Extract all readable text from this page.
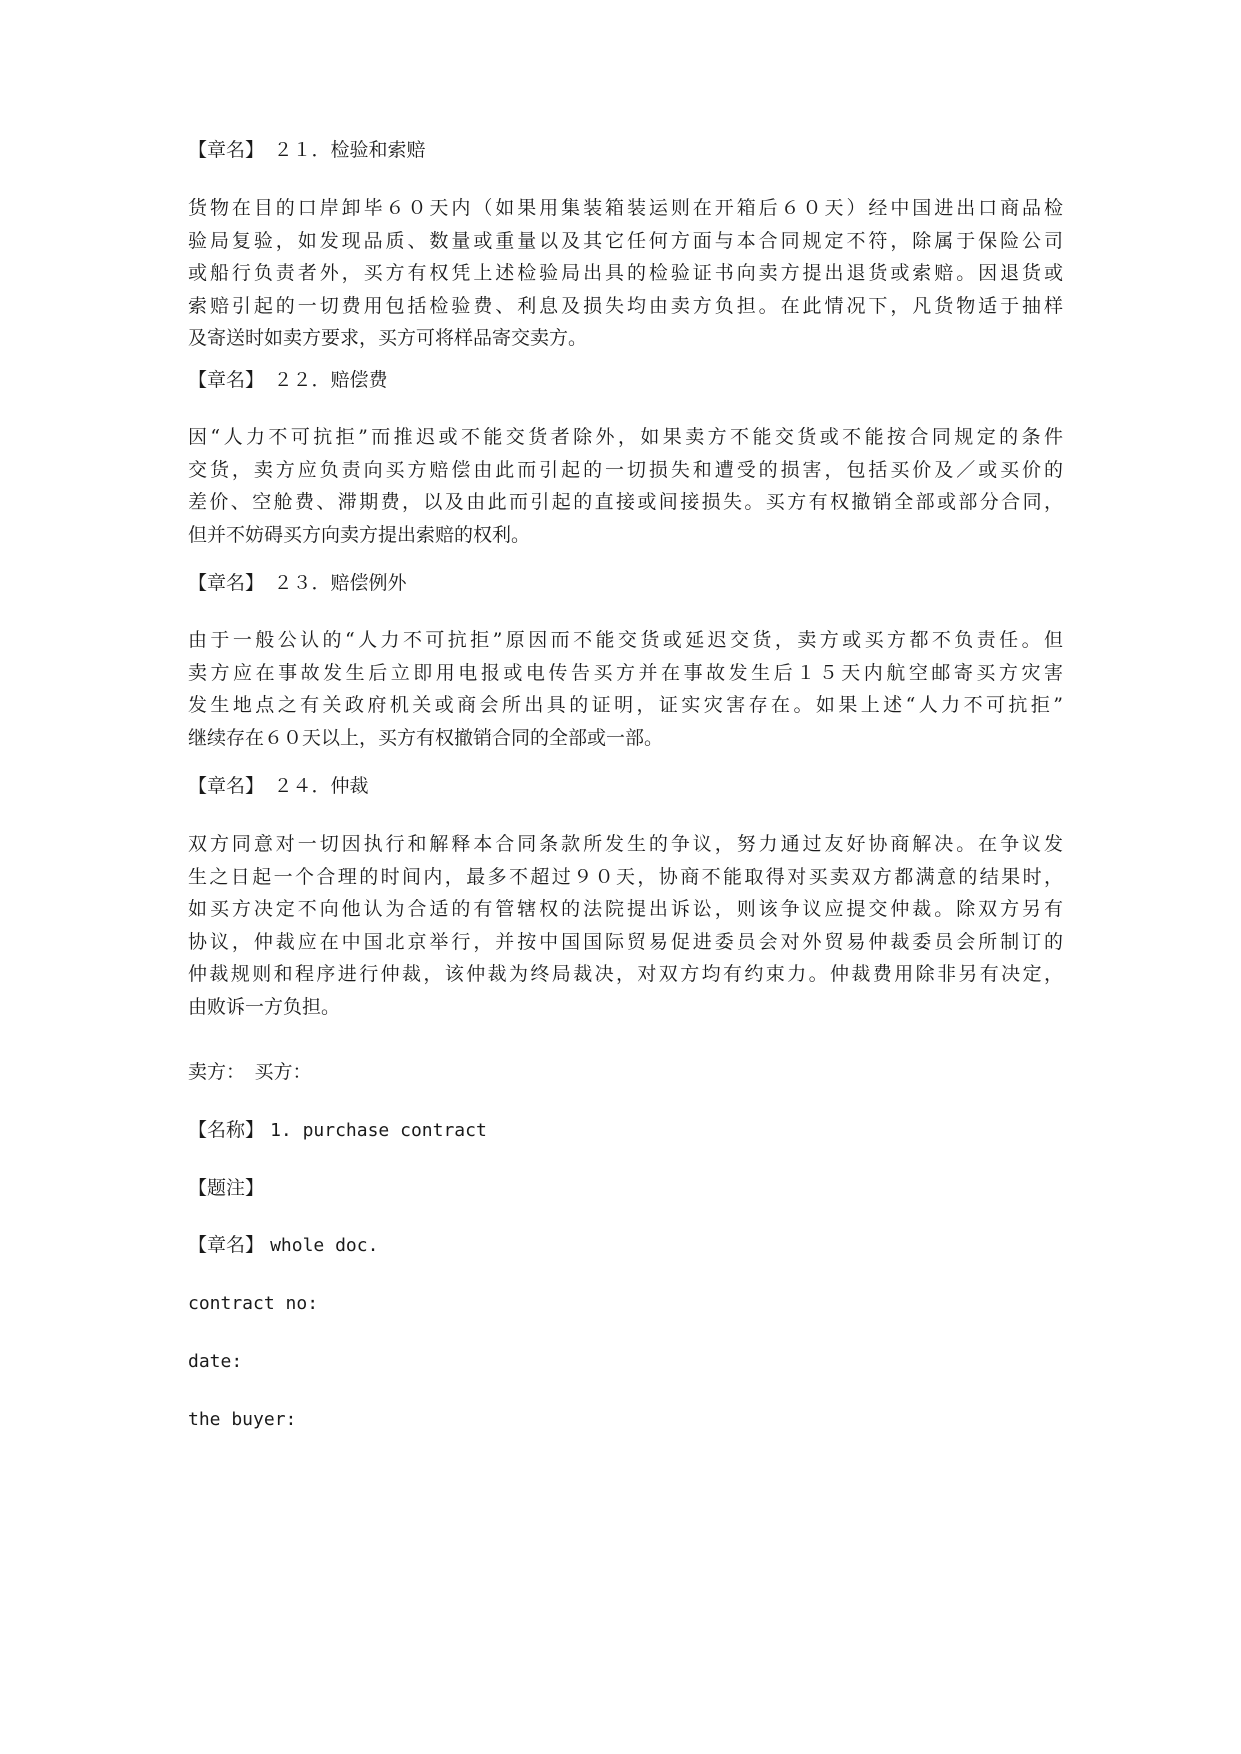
【章名】　２１．检验和索赔

货物在目的口岸卸毕６０天内（如果用集装箱装运则在开箱后６０天）经中国进出口商品检
验局复验，如发现品质、数量或重量以及其它任何方面与本合同规定不符，除属于保险公司
或船行负责者外，买方有权凭上述检验局出具的检验证书向卖方提出退货或索赔。因退货或
索赔引起的一切费用包括检验费、利息及损失均由卖方负担。在此情况下，凡货物适于抽样
及寄送时如卖方要求，买方可将样品寄交卖方。

【章名】　２２．赔偿费

因“人力不可抗拒”而推迟或不能交货者除外，如果卖方不能交货或不能按合同规定的条件
交货，卖方应负责向买方赔偿由此而引起的一切损失和遭受的损害，包括买价及／或买价的
差价、空舱费、滞期费，以及由此而引起的直接或间接损失。买方有权撤销全部或部分合同，
但并不妨碍买方向卖方提出索赔的权利。

【章名】　２３．赔偿例外

由于一般公认的“人力不可抗拒”原因而不能交货或延迟交货，卖方或买方都不负责任。但
卖方应在事故发生后立即用电报或电传告买方并在事故发生后１５天内航空邮寄买方灾害
发生地点之有关政府机关或商会所出具的证明，证实灾害存在。如果上述“人力不可抗拒”
继续存在６０天以上，买方有权撤销合同的全部或一部。

【章名】　２４．仲裁

双方同意对一切因执行和解释本合同条款所发生的争议，努力通过友好协商解决。在争议发
生之日起一个合理的时间内，最多不超过９０天，协商不能取得对买卖双方都满意的结果时，
如买方决定不向他认为合适的有管辖权的法院提出诉讼，则该争议应提交仲裁。除双方另有
协议，仲裁应在中国北京举行，并按中国国际贸易促进委员会对外贸易仲裁委员会所制订的
仲裁规则和程序进行仲裁，该仲裁为终局裁决，对双方均有约束力。仲裁费用除非另有决定，
由败诉一方负担。

卖方：　买方：

【名称】 1. purchase contract

【题注】

【章名】 whole doc.

contract no:

date:

the buyer:
